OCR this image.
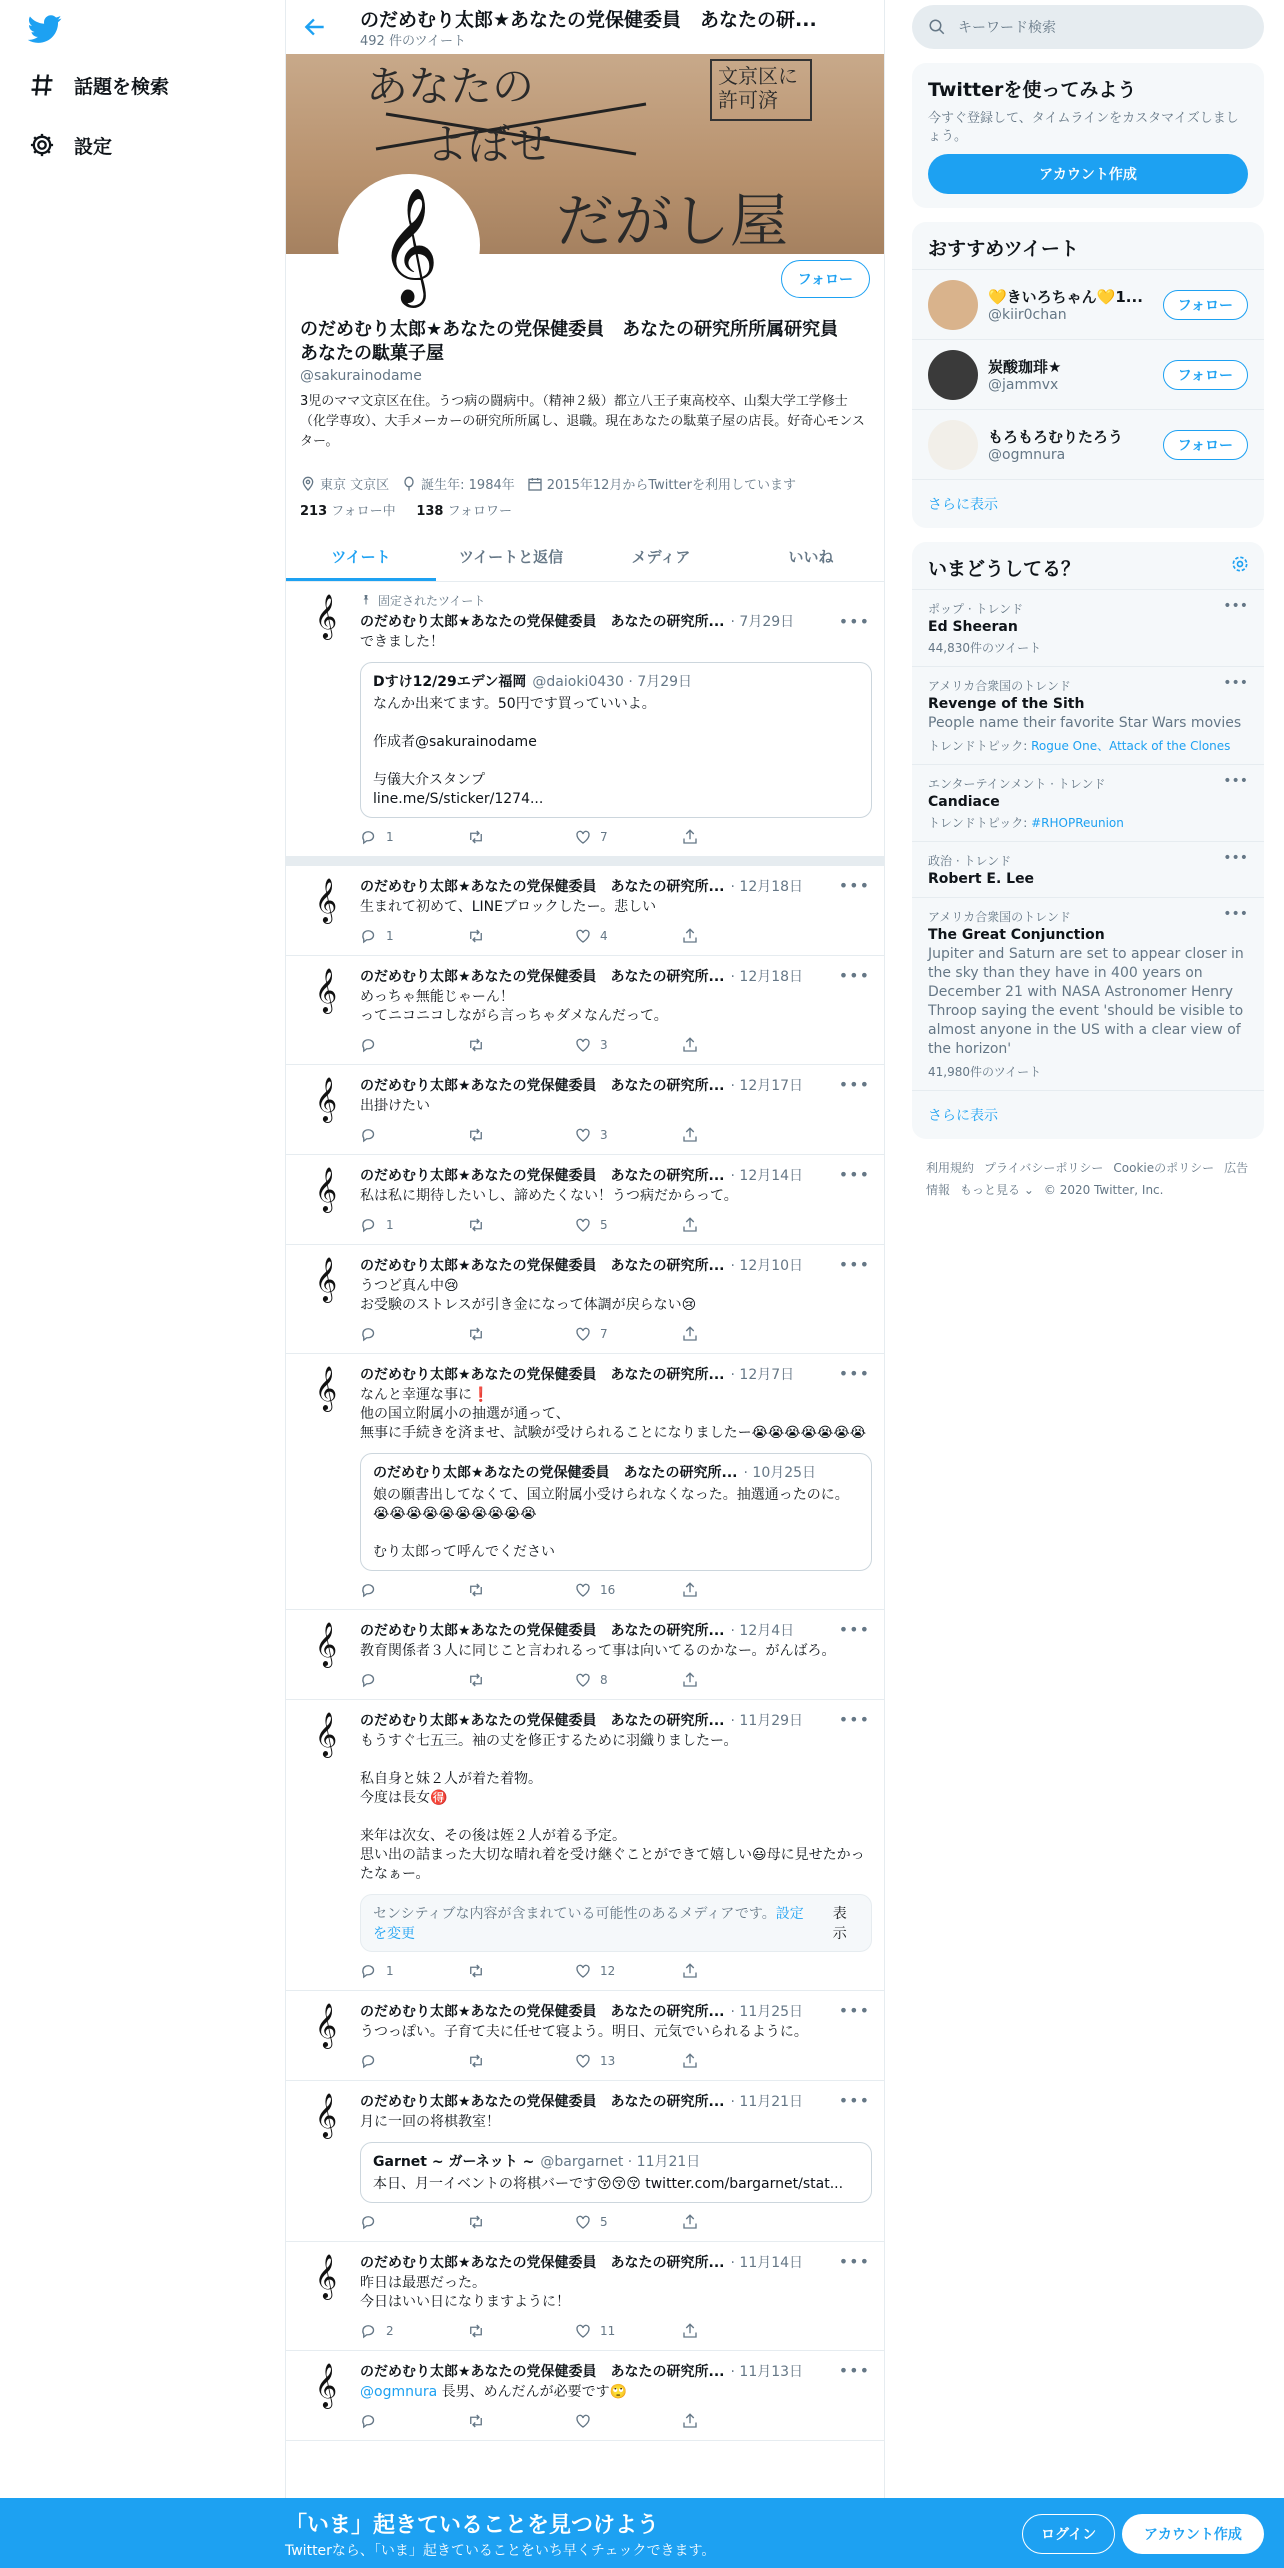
話題を検索
設定
のだめむり太郎★あなたの党保健委員　あなたの研...
492 件のツイート
あなたの
よぼせ
文京区に許可済
だがし屋
𝄞	フォロー
のだめむり太郎★あなたの党保健委員　あなたの研究所所属研究員　あなたの駄菓子屋
@sakurainodame
3児のママ文京区在住。うつ病の闘病中。（精神２級）都立八王子東高校卒、山梨大学工学修士（化学専攻）、大手メーカーの研究所所属し、退職。現在あなたの駄菓子屋の店長。好奇心モンスター。
東京 文京区 誕生年: 1984年 2015年12月からTwitterを利用しています
213 フォロー中 138 フォロワー
ツイート	ツイートと返信	メディア	いいね
𝄞	固定されたツイート
のだめむり太郎★あなたの党保健委員　あなたの研究所... · 7月29日	•••
できました！
Dすけ12/29エデン福岡 @daioki0430 · 7月29日
なんか出来てます。50円です買っていいよ。

作成者@sakurainodame

与儀大介スタンプ
line.me/S/sticker/1274...
1	7
𝄞	のだめむり太郎★あなたの党保健委員　あなたの研究所... · 12月18日 •••
生まれて初めて、LINEブロックしたー。悲しい
1	4
𝄞	のだめむり太郎★あなたの党保健委員　あなたの研究所... · 12月18日 •••
めっちゃ無能じゃーん！
ってニコニコしながら言っちゃダメなんだって。
3
𝄞	のだめむり太郎★あなたの党保健委員　あなたの研究所... · 12月17日 •••
出掛けたい
3
𝄞	のだめむり太郎★あなたの党保健委員　あなたの研究所... · 12月14日 •••
私は私に期待したいし、諦めたくない！うつ病だからって。
1	5
𝄞	のだめむり太郎★あなたの党保健委員　あなたの研究所... · 12月10日 •••
うつど真ん中😢
お受験のストレスが引き金になって体調が戻らない😢
7
𝄞	のだめむり太郎★あなたの党保健委員　あなたの研究所... · 12月7日	•••
なんと幸運な事に❗
他の国立附属小の抽選が通って、
無事に手続きを済ませ、試験が受けられることになりましたー😭😭😭😭😭😭😭
のだめむり太郎★あなたの党保健委員　あなたの研究所... · 10月25日
娘の願書出してなくて、国立附属小受けられなくなった。抽選通ったのに。😭😭😭😭😭😭😭😭😭😭

むり太郎って呼んでください
16
𝄞	のだめむり太郎★あなたの党保健委員　あなたの研究所... · 12月4日	•••
教育関係者３人に同じこと言われるって事は向いてるのかなー。がんばろ。
8
𝄞	のだめむり太郎★あなたの党保健委員　あなたの研究所... · 11月29日 •••
もうすぐ七五三。袖の丈を修正するために羽織りましたー。

私自身と妹２人が着た着物。
今度は長女🉐

来年は次女、その後は姪２人が着る予定。
思い出の詰まった大切な晴れ着を受け継ぐことができて嬉しい😃母に見せたかったなぁー。
センシティブな内容が含まれている可能性のあるメディアです。設定を変更
表示
1	12
𝄞	のだめむり太郎★あなたの党保健委員　あなたの研究所... · 11月25日 •••
うつっぽい。子育て夫に任せて寝よう。明日、元気でいられるように。
13
𝄞	のだめむり太郎★あなたの党保健委員　あなたの研究所... · 11月21日 •••
月に一回の将棋教室！
Garnet ~ ガーネット ~ @bargarnet · 11月21日
本日、月一イベントの将棋バーです😚😚😚 twitter.com/bargarnet/stat...
5
𝄞	のだめむり太郎★あなたの党保健委員　あなたの研究所... · 11月14日 •••
昨日は最悪だった。
今日はいい日になりますように！
2	11
𝄞	のだめむり太郎★あなたの党保健委員　あなたの研究所... · 11月13日 •••
@ogmnura 長男、めんだんが必要です🙄
キーワード検索
Twitterを使ってみよう

今すぐ登録して、タイムラインをカスタマイズしましょう。

アカウント作成
おすすめツイート
💛きいろちゃん💛1...
@kiir0chan
フォロー
炭酸珈琲★
@jammvx
フォロー
もろもろむりたろう
@ogmnura
フォロー
さらに表示
いまどうしてる？
ポップ · トレンド
Ed Sheeran
44,830件のツイート
•••
アメリカ合衆国のトレンド
Revenge of the Sith
People name their favorite Star Wars movies
トレンドトピック: Rogue One、Attack of the Clones
•••
エンターテインメント · トレンド
Candiace
トレンドトピック: #RHOPReunion
•••
政治 · トレンド
Robert E. Lee
•••
アメリカ合衆国のトレンド
The Great Conjunction
Jupiter and Saturn are set to appear closer in the sky than they have in 400 years on December 21 with NASA Astronomer Henry Throop saying the event 'should be visible to almost anyone in the US with a clear view of the horizon'
41,980件のツイート
•••
さらに表示
利用規約 プライバシーポリシー Cookieのポリシー 広告情報 もっと見る ⌄ © 2020 Twitter, Inc.
「いま」起きていることを見つけよう
Twitterなら、「いま」起きていることをいち早くチェックできます。
ログイン	アカウント作成
